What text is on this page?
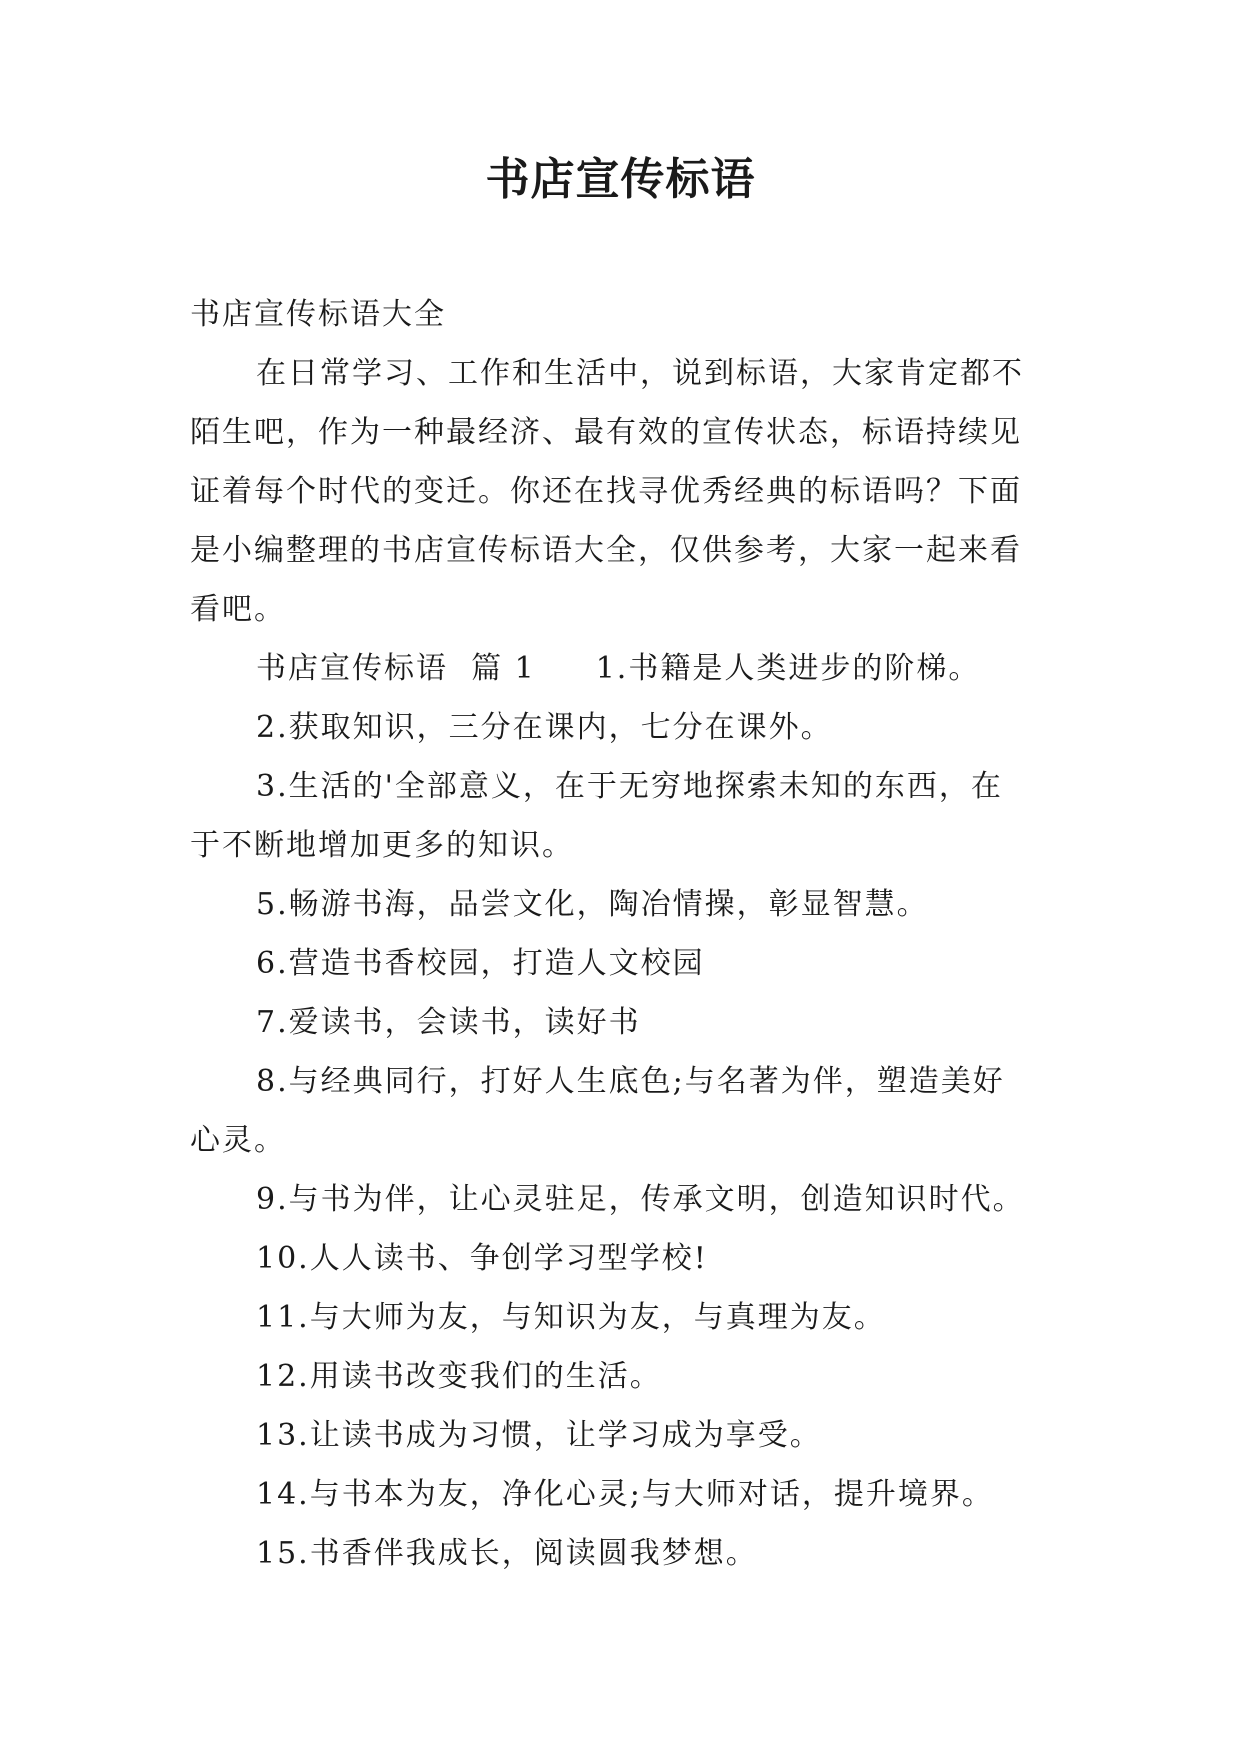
书店宣传标语

书店宣传标语大全

在日常学习、工作和生活中，说到标语，大家肯定都不

陌生吧，作为一种最经济、最有效的宣传状态，标语持续见

证着每个时代的变迁。你还在找寻优秀经典的标语吗？下面

是小编整理的书店宣传标语大全，仅供参考，大家一起来看

看吧。

书店宣传标语  篇 1 1.书籍是人类进步的阶梯。

2.获取知识，三分在课内，七分在课外。

3.生活的'全部意义，在于无穷地探索未知的东西，在

于不断地增加更多的知识。

5.畅游书海，品尝文化，陶冶情操，彰显智慧。

6.营造书香校园，打造人文校园

7.爱读书，会读书，读好书

8.与经典同行，打好人生底色;与名著为伴，塑造美好

心灵。

9.与书为伴，让心灵驻足，传承文明，创造知识时代。

10.人人读书、争创学习型学校!

11.与大师为友，与知识为友，与真理为友。

12.用读书改变我们的生活。

13.让读书成为习惯，让学习成为享受。

14.与书本为友，净化心灵;与大师对话，提升境界。

15.书香伴我成长，阅读圆我梦想。
